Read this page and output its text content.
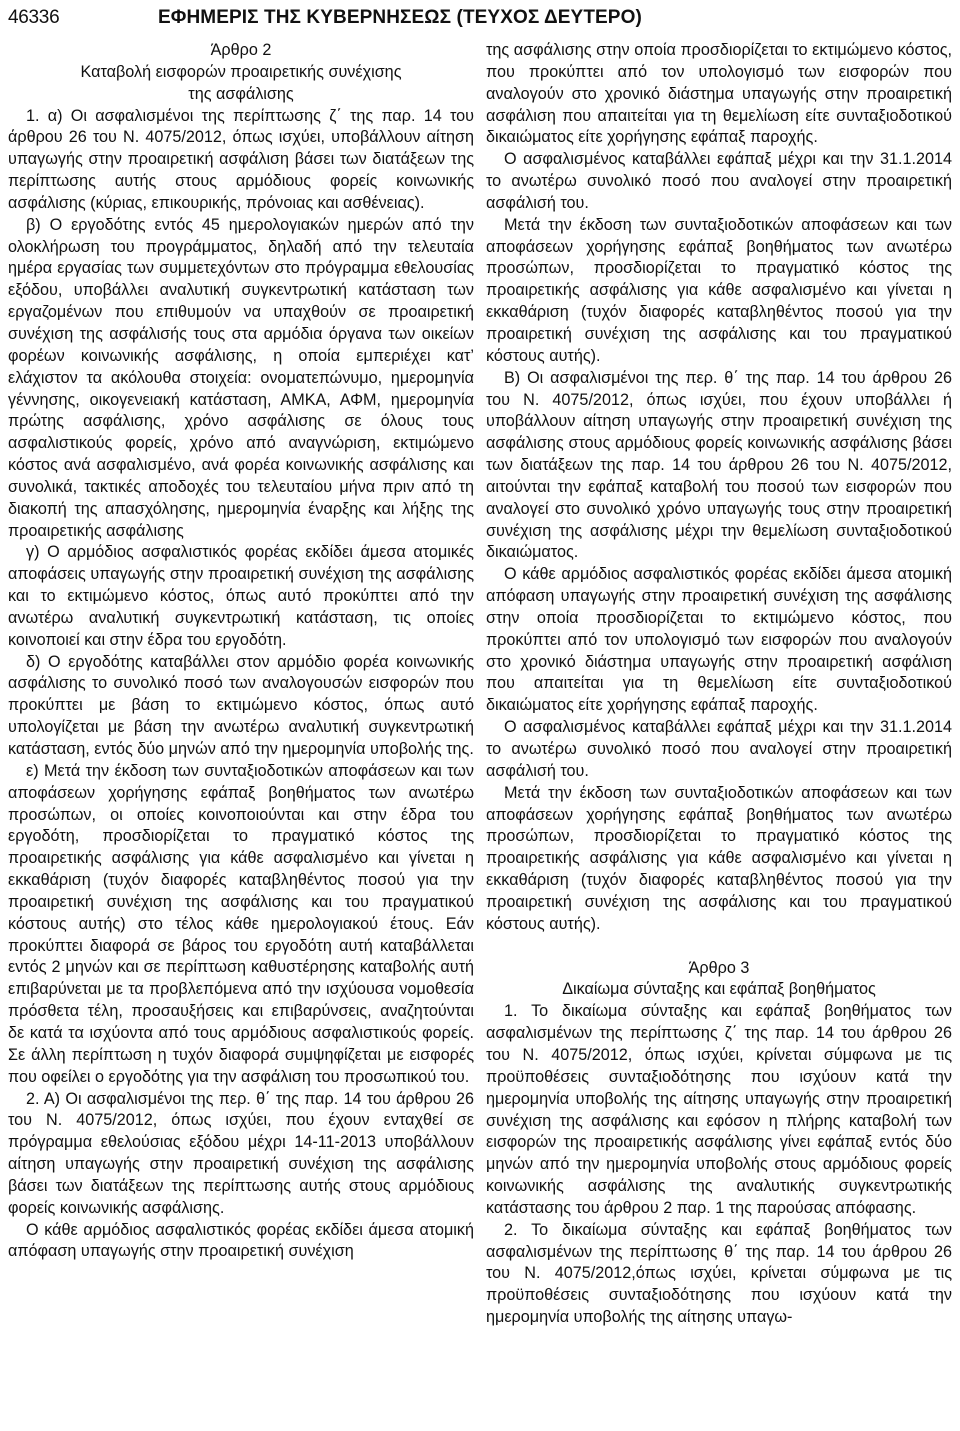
46336	ΕΦΗΜΕΡΙΣ ΤΗΣ ΚΥΒΕΡΝΗΣΕΩΣ (ΤΕΥΧΟΣ ΔΕΥΤΕΡΟ)

Άρθρο 2

Καταβολή εισφορών προαιρετικής συνέχισης

της ασφάλισης

1. α) Οι ασφαλισμένοι της περίπτωσης ζ΄ της παρ. 14 του άρθρου 26 του Ν. 4075/2012, όπως ισχύει, υποβάλλουν αίτηση υπαγωγής στην προαιρετική ασφάλιση βάσει των διατάξεων της περίπτωσης αυτής στους αρμόδιους φορείς κοινωνικής ασφάλισης (κύριας, επικουρικής, πρόνοιας και ασθένειας).

β) Ο εργοδότης εντός 45 ημερολογιακών ημερών από την ολοκλήρωση του προγράμματος, δηλαδή από την τελευταία ημέρα εργασίας των συμμετεχόντων στο πρόγραμμα εθελουσίας εξόδου, υποβάλλει αναλυτική συγκεντρωτική κατάσταση των εργαζομένων που επιθυμούν να υπαχθούν σε προαιρετική συνέχιση της ασφάλισής τους στα αρμόδια όργανα των οικείων φορέων κοινωνικής ασφάλισης, η οποία εμπεριέχει κατ’ ελάχιστον τα ακόλουθα στοιχεία: ονοματεπώνυμο, ημερομηνία γέννησης, οικογενειακή κατάσταση, ΑΜΚΑ, ΑΦΜ, ημερομηνία πρώτης ασφάλισης, χρόνο ασφάλισης σε όλους τους ασφαλιστικούς φορείς, χρόνο από αναγνώριση, εκτιμώμενο κόστος ανά ασφαλισμένο, ανά φορέα κοινωνικής ασφάλισης και συνολικά, τακτικές αποδοχές του τελευταίου μήνα πριν από τη διακοπή της απασχόλησης, ημερομηνία έναρξης και λήξης της προαιρετικής ασφάλισης

γ) Ο αρμόδιος ασφαλιστικός φορέας εκδίδει άμεσα ατομικές αποφάσεις υπαγωγής στην προαιρετική συνέχιση της ασφάλισης και το εκτιμώμενο κόστος, όπως αυτό προκύπτει από την ανωτέρω αναλυτική συγκεντρωτική κατάσταση, τις οποίες κοινοποιεί και στην έδρα του εργοδότη.

δ) Ο εργοδότης καταβάλλει στον αρμόδιο φορέα κοινωνικής ασφάλισης το συνολικό ποσό των αναλογουσών εισφορών που προκύπτει με βάση το εκτιμώμενο κόστος, όπως αυτό υπολογίζεται με βάση την ανωτέρω αναλυτική συγκεντρωτική κατάσταση, εντός δύο μηνών από την ημερομηνία υποβολής της.

ε) Μετά την έκδοση των συνταξιοδοτικών αποφάσεων και των αποφάσεων χορήγησης εφάπαξ βοηθήματος των ανωτέρω προσώπων, οι οποίες κοινοποιούνται και στην έδρα του εργοδότη, προσδιορίζεται το πραγματικό κόστος της προαιρετικής ασφάλισης για κάθε ασφαλισμένο και γίνεται η εκκαθάριση (τυχόν διαφορές καταβληθέντος ποσού για την προαιρετική συνέχιση της ασφάλισης και του πραγματικού κόστους αυτής) στο τέλος κάθε ημερολογιακού έτους. Εάν προκύπτει διαφορά σε βάρος του εργοδότη αυτή καταβάλλεται εντός 2 μηνών και σε περίπτωση καθυστέρησης καταβολής αυτή επιβαρύνεται με τα προβλεπόμενα από την ισχύουσα νομοθεσία πρόσθετα τέλη, προσαυξήσεις και επιβαρύνσεις, αναζητούνται δε κατά τα ισχύοντα από τους αρμόδιους ασφαλιστικούς φορείς. Σε άλλη περίπτωση η τυχόν διαφορά συμψηφίζεται με εισφορές που οφείλει ο εργοδότης για την ασφάλιση του προσωπικού του.

2. Α) Οι ασφαλισμένοι της περ. θ΄ της παρ. 14 του άρθρου 26 του Ν. 4075/2012, όπως ισχύει, που έχουν ενταχθεί σε πρόγραμμα εθελούσιας εξόδου μέχρι 14-11-2013 υποβάλλουν αίτηση υπαγωγής στην προαιρετική συνέχιση της ασφάλισης βάσει των διατάξεων της περίπτωσης αυτής στους αρμόδιους φορείς κοινωνικής ασφάλισης.

Ο κάθε αρμόδιος ασφαλιστικός φορέας εκδίδει άμεσα ατομική απόφαση υπαγωγής στην προαιρετική συνέχιση

της ασφάλισης στην οποία προσδιορίζεται το εκτιμώμενο κόστος, που προκύπτει από τον υπολογισμό των εισφορών που αναλογούν στο χρονικό διάστημα υπαγωγής στην προαιρετική ασφάλιση που απαιτείται για τη θεμελίωση είτε συνταξιοδοτικού δικαιώματος είτε χορήγησης εφάπαξ παροχής.

Ο ασφαλισμένος καταβάλλει εφάπαξ μέχρι και την 31.1.2014 το ανωτέρω συνολικό ποσό που αναλογεί στην προαιρετική ασφάλισή του.

Μετά την έκδοση των συνταξιοδοτικών αποφάσεων και των αποφάσεων χορήγησης εφάπαξ βοηθήματος των ανωτέρω προσώπων, προσδιορίζεται το πραγματικό κόστος της προαιρετικής ασφάλισης για κάθε ασφαλισμένο και γίνεται η εκκαθάριση (τυχόν διαφορές καταβληθέντος ποσού για την προαιρετική συνέχιση της ασφάλισης και του πραγματικού κόστους αυτής).

Β) Οι ασφαλισμένοι της περ. θ΄ της παρ. 14 του άρθρου 26 του Ν. 4075/2012, όπως ισχύει, που έχουν υποβάλλει ή υποβάλλουν αίτηση υπαγωγής στην προαιρετική συνέχιση της ασφάλισης στους αρμόδιους φορείς κοινωνικής ασφάλισης βάσει των διατάξεων της παρ. 14 του άρθρου 26 του Ν. 4075/2012, αιτούνται την εφάπαξ καταβολή του ποσού των εισφορών που αναλογεί στο συνολικό χρόνο υπαγωγής τους στην προαιρετική συνέχιση της ασφάλισης μέχρι την θεμελίωση συνταξιοδοτικού δικαιώματος.

Ο κάθε αρμόδιος ασφαλιστικός φορέας εκδίδει άμεσα ατομική απόφαση υπαγωγής στην προαιρετική συνέχιση της ασφάλισης στην οποία προσδιορίζεται το εκτιμώμενο κόστος, που προκύπτει από τον υπολογισμό των εισφορών που αναλογούν στο χρονικό διάστημα υπαγωγής στην προαιρετική ασφάλιση που απαιτείται για τη θεμελίωση είτε συνταξιοδοτικού δικαιώματος είτε χορήγησης εφάπαξ παροχής.

Ο ασφαλισμένος καταβάλλει εφάπαξ μέχρι και την 31.1.2014 το ανωτέρω συνολικό ποσό που αναλογεί στην προαιρετική ασφάλισή του.

Μετά την έκδοση των συνταξιοδοτικών αποφάσεων και των αποφάσεων χορήγησης εφάπαξ βοηθήματος των ανωτέρω προσώπων, προσδιορίζεται το πραγματικό κόστος της προαιρετικής ασφάλισης για κάθε ασφαλισμένο και γίνεται η εκκαθάριση (τυχόν διαφορές καταβληθέντος ποσού για την προαιρετική συνέχιση της ασφάλισης και του πραγματικού κόστους αυτής).

Άρθρο 3

Δικαίωμα σύνταξης και εφάπαξ βοηθήματος

1. Το δικαίωμα σύνταξης και εφάπαξ βοηθήματος των ασφαλισμένων της περίπτωσης ζ΄ της παρ. 14 του άρθρου 26 του Ν. 4075/2012, όπως ισχύει, κρίνεται σύμφωνα με τις προϋποθέσεις συνταξιοδότησης που ισχύουν κατά την ημερομηνία υποβολής της αίτησης υπαγωγής στην προαιρετική συνέχιση της ασφάλισης και εφόσον η πλήρης καταβολή των εισφορών της προαιρετικής ασφάλισης γίνει εφάπαξ εντός δύο μηνών από την ημερομηνία υποβολής στους αρμόδιους φορείς κοινωνικής ασφάλισης της αναλυτικής συγκεντρωτικής κατάστασης του άρθρου 2 παρ. 1 της παρούσας απόφασης.

2. Το δικαίωμα σύνταξης και εφάπαξ βοηθήματος των ασφαλισμένων της περίπτωσης θ΄ της παρ. 14 του άρθρου 26 του Ν. 4075/2012,όπως ισχύει, κρίνεται σύμφωνα με τις προϋποθέσεις συνταξιοδότησης που ισχύουν κατά την ημερομηνία υποβολής της αίτησης υπαγω-
